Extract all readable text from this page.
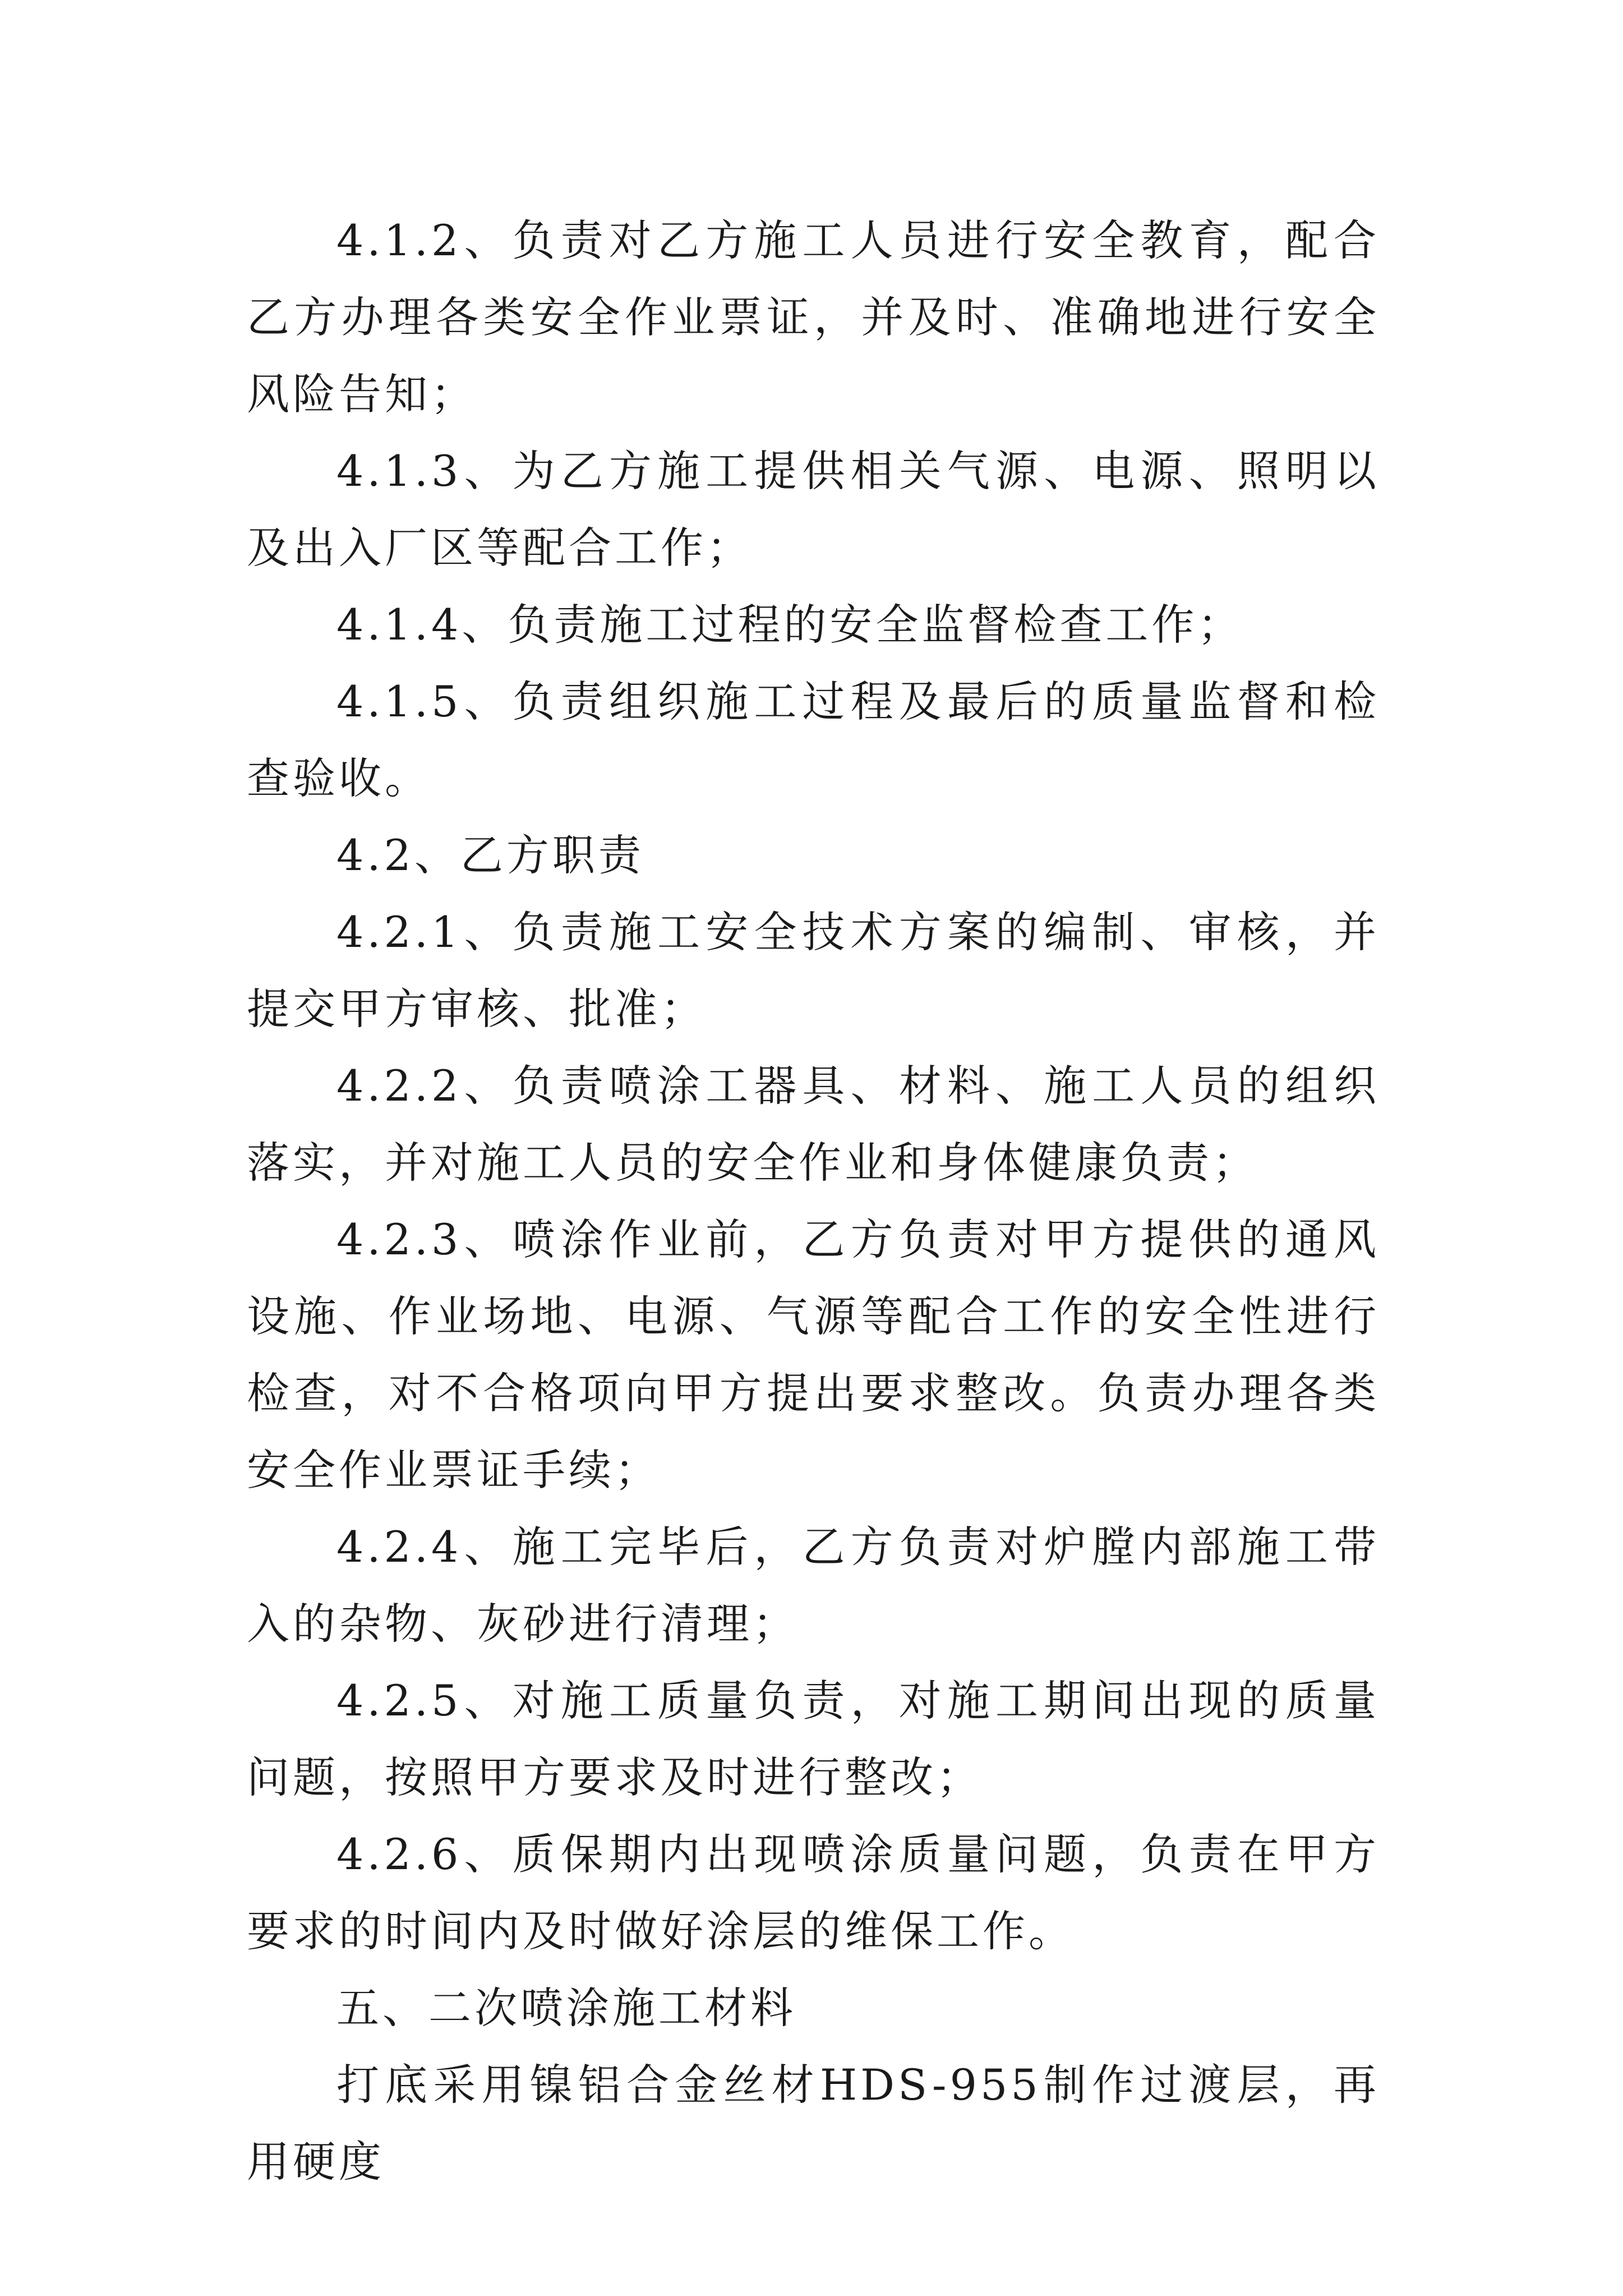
4.1.2、负责对乙方施工人员进行安全教育，配合乙方办理各类安全作业票证，并及时、准确地进行安全风险告知；

4.1.3、为乙方施工提供相关气源、电源、照明以及出入厂区等配合工作；

4.1.4、负责施工过程的安全监督检查工作；

4.1.5、负责组织施工过程及最后的质量监督和检查验收。

4.2、乙方职责

4.2.1、负责施工安全技术方案的编制、审核，并提交甲方审核、批准；

4.2.2、负责喷涂工器具、材料、施工人员的组织落实，并对施工人员的安全作业和身体健康负责；

4.2.3、喷涂作业前，乙方负责对甲方提供的通风设施、作业场地、电源、气源等配合工作的安全性进行检查，对不合格项向甲方提出要求整改。负责办理各类安全作业票证手续；

4.2.4、施工完毕后，乙方负责对炉膛内部施工带入的杂物、灰砂进行清理；

4.2.5、对施工质量负责，对施工期间出现的质量问题，按照甲方要求及时进行整改；

4.2.6、质保期内出现喷涂质量问题，负责在甲方要求的时间内及时做好涂层的维保工作。

五、二次喷涂施工材料

打底采用镍铝合金丝材HDS-955制作过渡层，再用硬度
